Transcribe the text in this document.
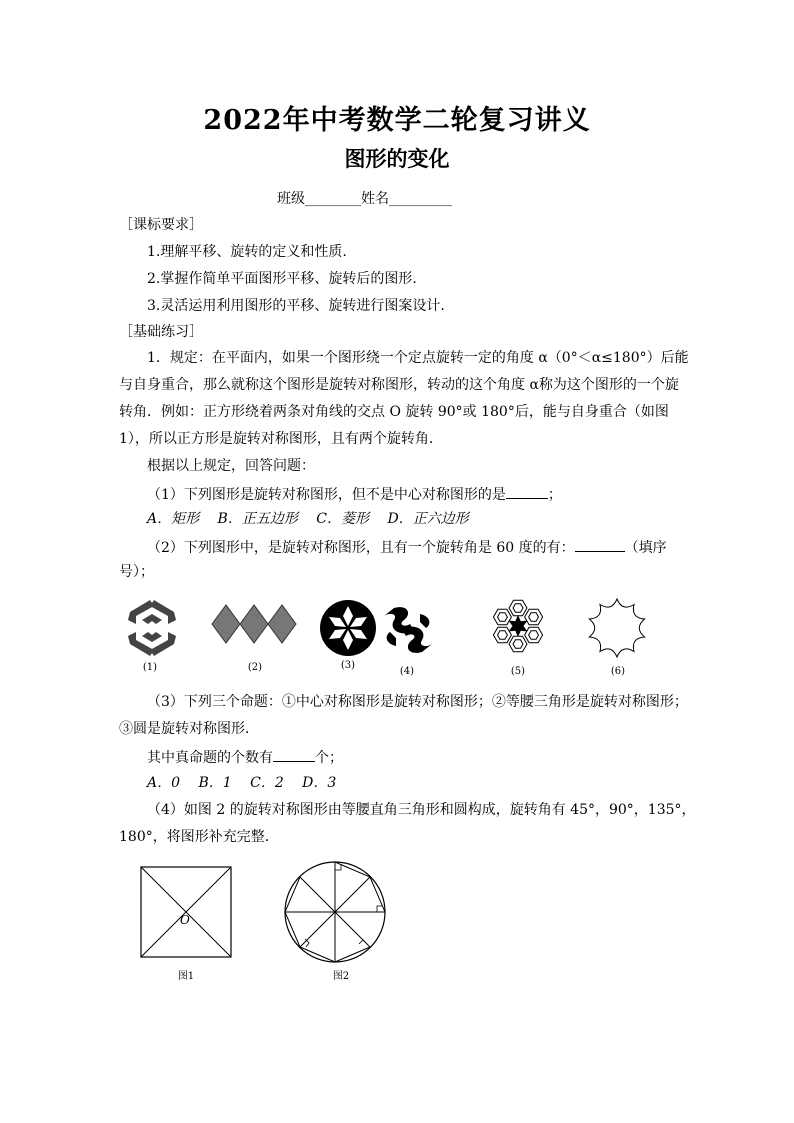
2022年中考数学二轮复习讲义
图形的变化
班级________姓名_________
［课标要求］
1.理解平移、旋转的定义和性质.
2.掌握作简单平面图形平移、旋转后的图形.
3.灵活运用利用图形的平移、旋转进行图案设计.
［基础练习］
1．规定：在平面内，如果一个图形绕一个定点旋转一定的角度 α（0°＜α≤180°）后能
与自身重合，那么就称这个图形是旋转对称图形，转动的这个角度 α称为这个图形的一个旋
转角．例如：正方形绕着两条对角线的交点 O 旋转 90°或 180°后，能与自身重合（如图
1），所以正方形是旋转对称图形，且有两个旋转角．
根据以上规定，回答问题：
（1）下列图形是旋转对称图形，但不是中心对称图形的是	；
A．矩形　 B．正五边形　 C．菱形　 D．正六边形
（2）下列图形中，是旋转对称图形，且有一个旋转角是 60 度的有：	（填序
号）；
(1)	(2)	(3)
(4)	(5)	(6)
（3）下列三个命题：①中心对称图形是旋转对称图形；②等腰三角形是旋转对称图形；
③圆是旋转对称图形．
其中真命题的个数有	个；
A．0　 B．1　 C．2　 D．3
（4）如图 2 的旋转对称图形由等腰直角三角形和圆构成，旋转角有 45°，90°，135°，
180°，将图形补充完整．
O
图1	图2
